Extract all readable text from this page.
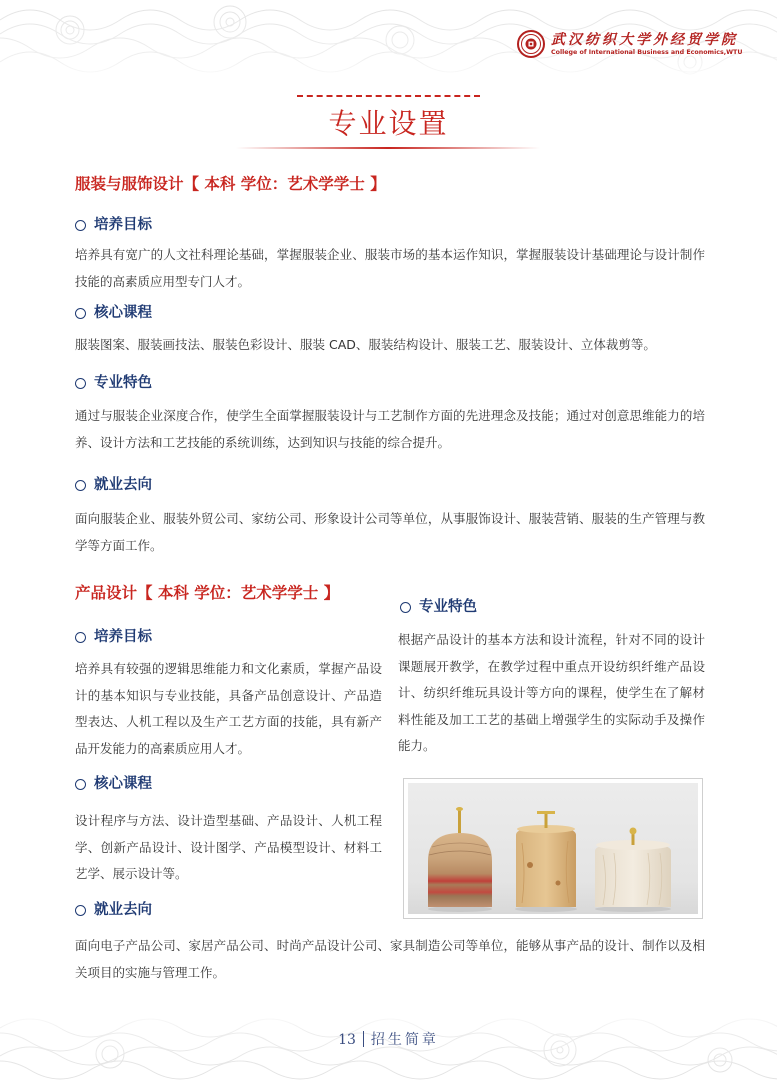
武汉纺织大学外经贸学院
College of International Business and Economics,WTU
专业设置
服装与服饰设计【 本科 学位：艺术学学士 】
培养目标
培养具有宽广的人文社科理论基础，掌握服装企业、服装市场的基本运作知识，掌握服装设计基础理论与设计制作技能的高素质应用型专门人才。
核心课程
服装图案、服装画技法、服装色彩设计、服装 CAD、服装结构设计、服装工艺、服装设计、立体裁剪等。
专业特色
通过与服装企业深度合作，使学生全面掌握服装设计与工艺制作方面的先进理念及技能；通过对创意思维能力的培养、设计方法和工艺技能的系统训练，达到知识与技能的综合提升。
就业去向
面向服装企业、服装外贸公司、家纺公司、形象设计公司等单位，从事服饰设计、服装营销、服装的生产管理与教学等方面工作。
产品设计【 本科 学位：艺术学学士 】
培养目标
培养具有较强的逻辑思维能力和文化素质，掌握产品设计的基本知识与专业技能，具备产品创意设计、产品造型表达、人机工程以及生产工艺方面的技能，具有新产品开发能力的高素质应用人才。
核心课程
设计程序与方法、设计造型基础、产品设计、人机工程学、创新产品设计、设计图学、产品模型设计、材料工艺学、展示设计等。
就业去向
面向电子产品公司、家居产品公司、时尚产品设计公司、家具制造公司等单位，能够从事产品的设计、制作以及相关项目的实施与管理工作。
专业特色
根据产品设计的基本方法和设计流程，针对不同的设计课题展开教学，在教学过程中重点开设纺织纤维产品设计、纺织纤维玩具设计等方向的课程，使学生在了解材料性能及加工工艺的基础上增强学生的实际动手及操作能力。
13 招生简章
